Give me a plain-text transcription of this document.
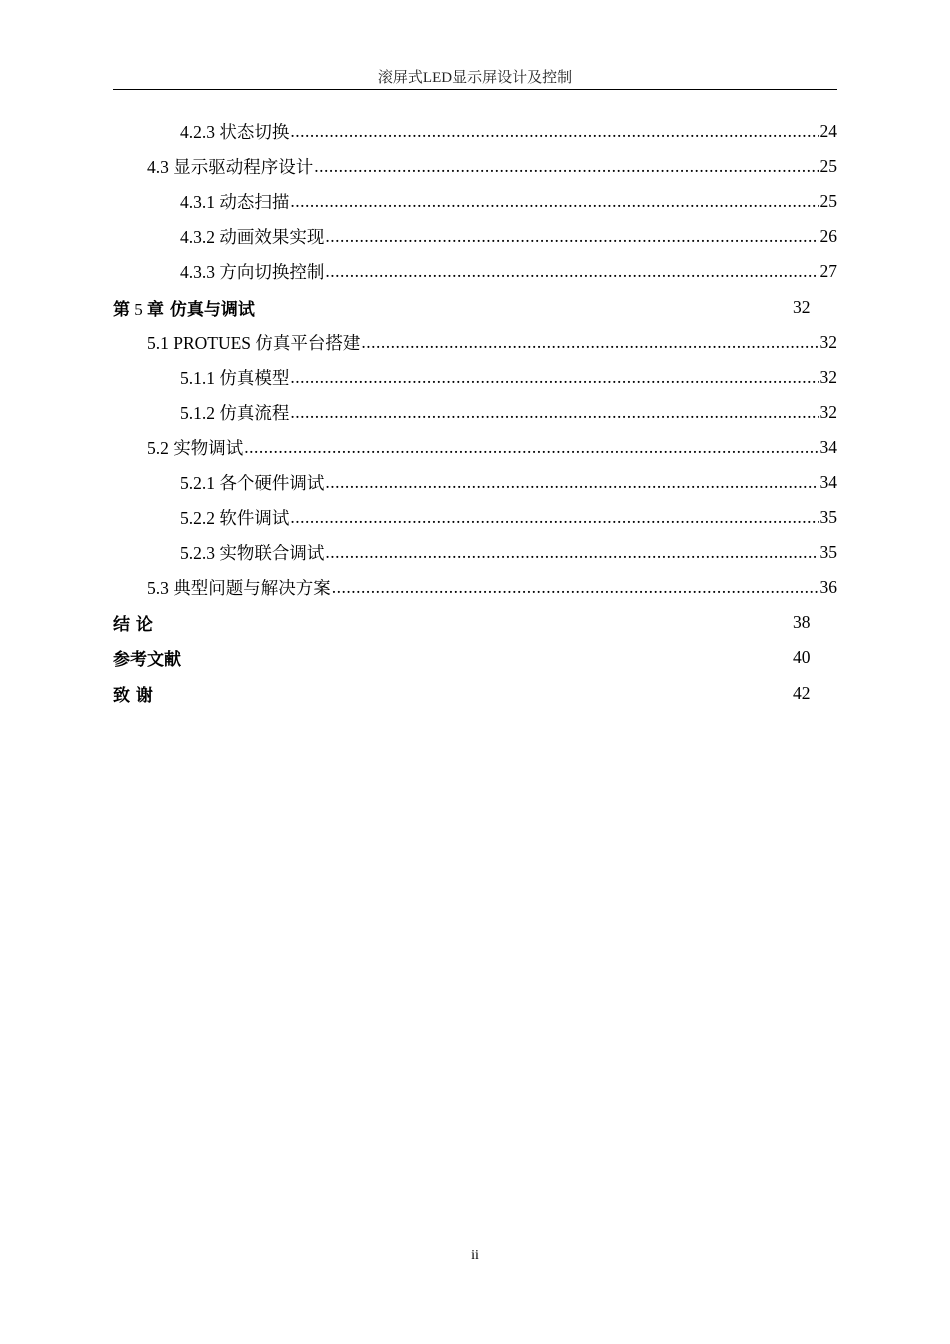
滚屏式LED显示屏设计及控制
4.2.3 状态切换 .....	24
4.3 显示驱动程序设计 .....	25
4.3.1 动态扫描 .....	25
4.3.2 动画效果实现 .....	26
4.3.3 方向切换控制 .....	27
第 5 章 仿真与调试	32
5.1 PROTUES 仿真平台搭建 .....	32
5.1.1 仿真模型 .....	32
5.1.2 仿真流程 .....	32
5.2 实物调试 .....	34
5.2.1 各个硬件调试 .....	34
5.2.2 软件调试 .....	35
5.2.3 实物联合调试 .....	35
5.3 典型问题与解决方案 .....	36
结 论	38
参考文献	40
致 谢	42
ii
